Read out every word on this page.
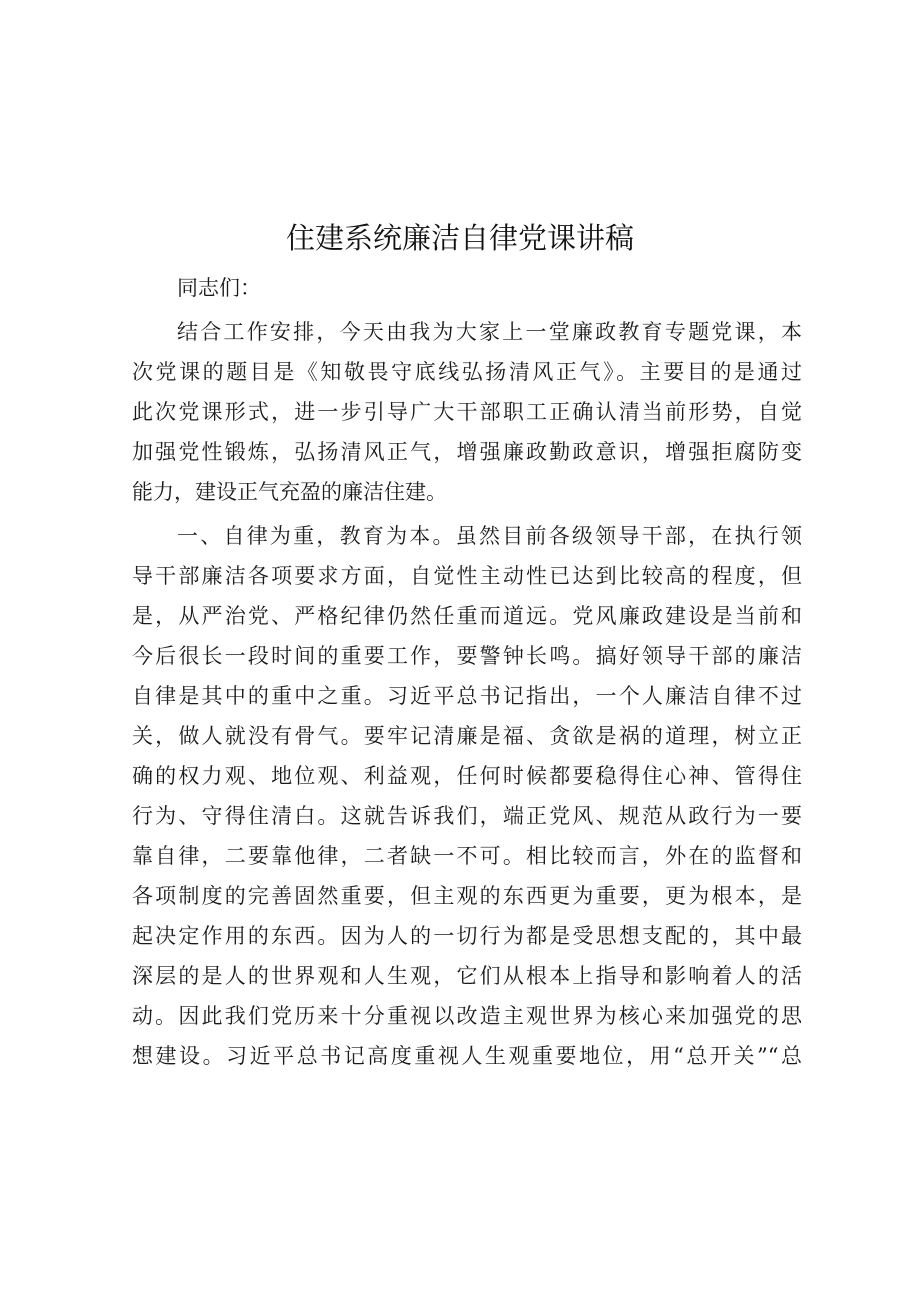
住建系统廉洁自律党课讲稿
同志们：
结合工作安排，今天由我为大家上一堂廉政教育专题党课，本
次党课的题目是《知敬畏守底线弘扬清风正气》。主要目的是通过
此次党课形式，进一步引导广大干部职工正确认清当前形势，自觉
加强党性锻炼，弘扬清风正气，增强廉政勤政意识，增强拒腐防变
能力，建设正气充盈的廉洁住建。
一、自律为重，教育为本。虽然目前各级领导干部，在执行领
导干部廉洁各项要求方面，自觉性主动性已达到比较高的程度，但
是，从严治党、严格纪律仍然任重而道远。党风廉政建设是当前和
今后很长一段时间的重要工作，要警钟长鸣。搞好领导干部的廉洁
自律是其中的重中之重。习近平总书记指出，一个人廉洁自律不过
关，做人就没有骨气。要牢记清廉是福、贪欲是祸的道理，树立正
确的权力观、地位观、利益观，任何时候都要稳得住心神、管得住
行为、守得住清白。这就告诉我们，端正党风、规范从政行为一要
靠自律，二要靠他律，二者缺一不可。相比较而言，外在的监督和
各项制度的完善固然重要，但主观的东西更为重要，更为根本，是
起决定作用的东西。因为人的一切行为都是受思想支配的，其中最
深层的是人的世界观和人生观，它们从根本上指导和影响着人的活
动。因此我们党历来十分重视以改造主观世界为核心来加强党的思
想建设。习近平总书记高度重视人生观重要地位，用“总开关”“总
